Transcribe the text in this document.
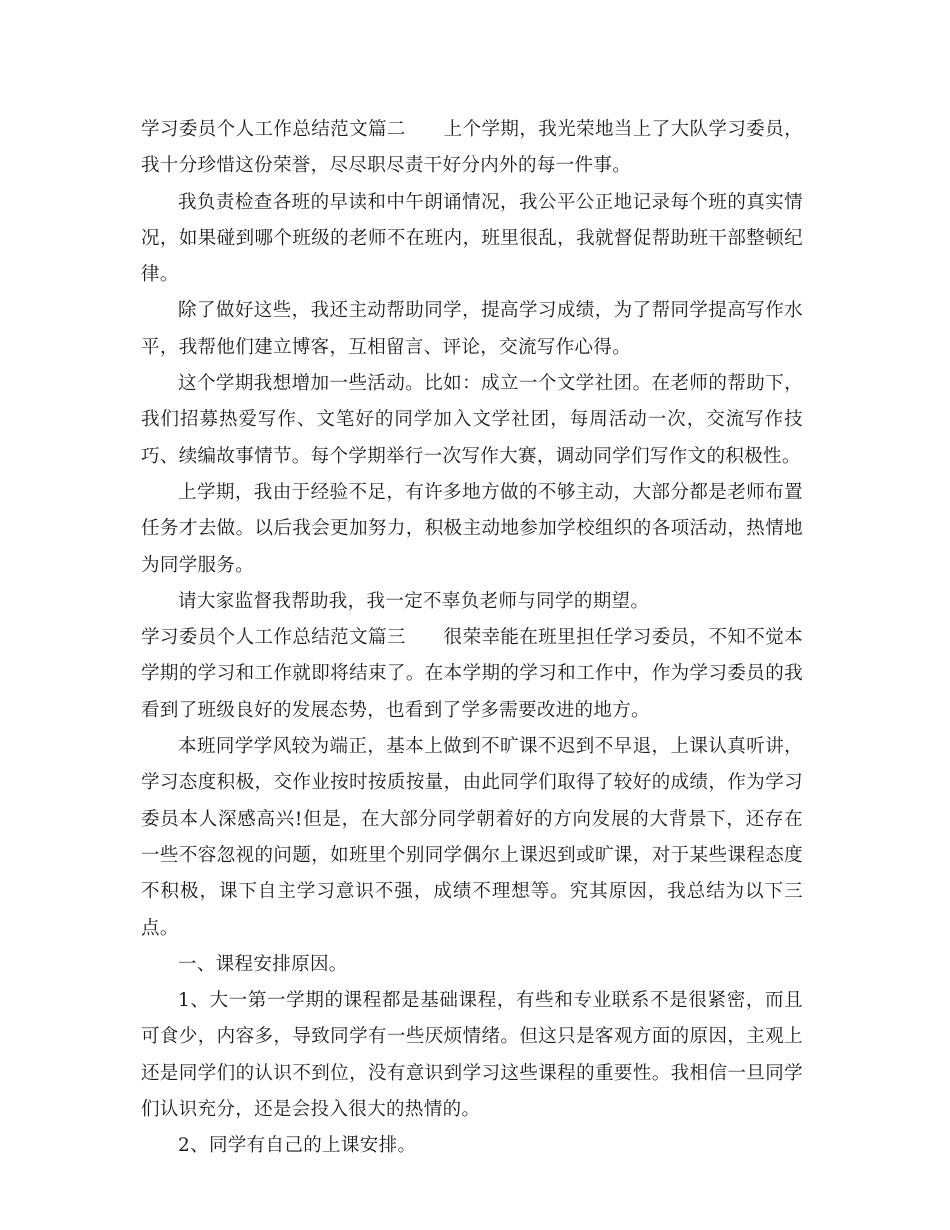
学习委员个人工作总结范文篇二　　上个学期，我光荣地当上了大队学习委员，我十分珍惜这份荣誉，尽尽职尽责干好分内外的每一件事。

我负责检查各班的早读和中午朗诵情况，我公平公正地记录每个班的真实情况，如果碰到哪个班级的老师不在班内，班里很乱，我就督促帮助班干部整顿纪律。

除了做好这些，我还主动帮助同学，提高学习成绩，为了帮同学提高写作水平，我帮他们建立博客，互相留言、评论，交流写作心得。

这个学期我想增加一些活动。比如：成立一个文学社团。在老师的帮助下，我们招募热爱写作、文笔好的同学加入文学社团，每周活动一次，交流写作技巧、续编故事情节。每个学期举行一次写作大赛，调动同学们写作文的积极性。

上学期，我由于经验不足，有许多地方做的不够主动，大部分都是老师布置任务才去做。以后我会更加努力，积极主动地参加学校组织的各项活动，热情地为同学服务。

请大家监督我帮助我，我一定不辜负老师与同学的期望。

学习委员个人工作总结范文篇三　　很荣幸能在班里担任学习委员，不知不觉本学期的学习和工作就即将结束了。在本学期的学习和工作中，作为学习委员的我看到了班级良好的发展态势，也看到了学多需要改进的地方。

本班同学学风较为端正，基本上做到不旷课不迟到不早退，上课认真听讲，学习态度积极，交作业按时按质按量，由此同学们取得了较好的成绩，作为学习委员本人深感高兴!但是，在大部分同学朝着好的方向发展的大背景下，还存在一些不容忽视的问题，如班里个别同学偶尔上课迟到或旷课，对于某些课程态度不积极，课下自主学习意识不强，成绩不理想等。究其原因，我总结为以下三点。

一、课程安排原因。

1、大一第一学期的课程都是基础课程，有些和专业联系不是很紧密，而且可食少，内容多，导致同学有一些厌烦情绪。但这只是客观方面的原因，主观上还是同学们的认识不到位，没有意识到学习这些课程的重要性。我相信一旦同学们认识充分，还是会投入很大的热情的。

2、同学有自己的上课安排。
